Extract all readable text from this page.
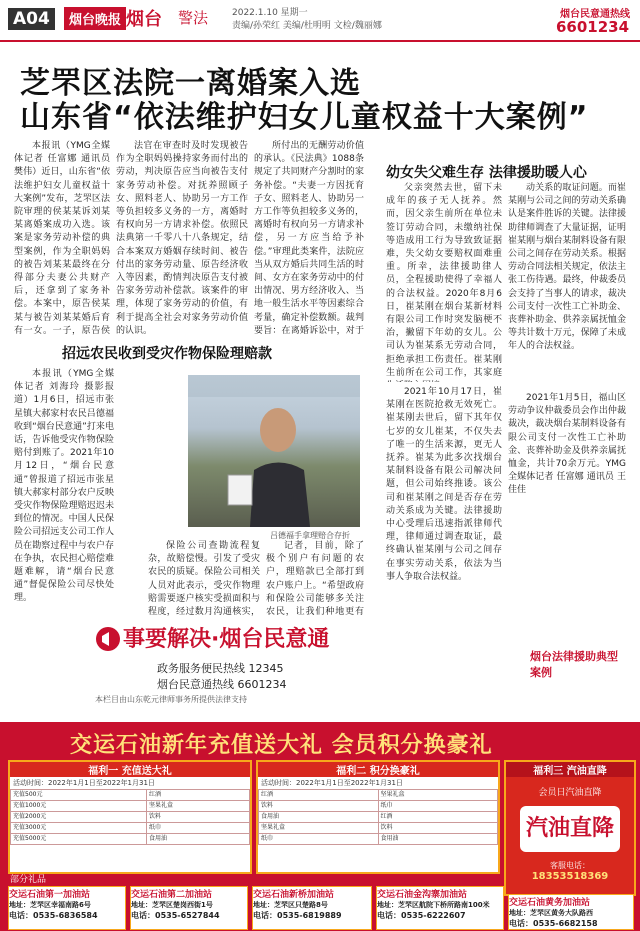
A04	烟台晚报 烟台 警法	2022.1.10 星期一
责编/孙荣红 美编/杜明明 文检/魏丽娜
烟台民意通热线
6601234
芝罘区法院一离婚案入选
山东省“依法维护妇女儿童权益十大案例”

本报讯（YMG全媒体记者 任富娜 通讯员 樊伟）近日，山东省“依法维护妇女儿童权益十大案例”发布，芝罘区法院审理的侯某某诉刘某某离婚案成功入选。该案是家务劳动补偿的典型案例，作为全职妈妈的被告刘某某最终在分得部分夫妻公共财产后，还拿到了家务补偿。本案中，原告侯某某与被告刘某某婚后育有一女。一子，原告侯

法官在审查时及时发现被告作为全职妈妈操持家务而付出的劳动，判决原告应当向被告支付家务劳动补偿。对抚养照顾子女、照料老人、协助另一方工作等负担较多义务的一方，离婚时有权向另一方请求补偿。依照民法典第一千零八十八条规定，结合本案双方婚姻存续时间、被告付出的家务劳动量、原告经济收入等因素，酌情判决原告支付被告家务劳动补偿款。该案件的审理，体现了家务劳动的价值，有利于提高全社会对家务劳动价值的认识。

所付出的无酬劳动价值的承认。《民法典》1088条规定了共同财产分割时的家务补偿。“夫妻一方因抚育子女、照料老人、协助另一方工作等负担较多义务的，离婚时有权向另一方请求补偿，另一方应当给予补偿。”审理此类案件，法院应当从双方婚后共同生活的时间、女方在家务劳动中的付出情况、男方经济收入、当地一般生活水平等因素综合考量，确定补偿数额。裁判要旨：在离婚诉讼中，对于

招远农民收到受灾作物保险理赔款

本报讯（YMG全媒体记者 刘海玲 摄影报道）1月6日，招远市张星镇大郝家村农民吕德福收到“烟台民意通”打来电话，告诉他受灾作物保险赔付到账了。2021年10月12日，“烟台民意通”曾报道了招远市张星镇大郝家村部分农户反映受灾作物保险理赔迟迟未到位的情况。中国人民保险公司招远支公司工作人员在勘察过程中与农户存在争执，农民担心赔偿难题难解，请“烟台民意通”督促保险公司尽快处理。

吕德福手拿理赔合存折

保险公司查勘流程复杂，故赔偿慢。引发了受灾农民的质疑。保险公司相关人员对此表示，受灾作物理赔需要逐户核实受损面积与程度，经过数月沟通核实，

记者，目前，除了极个别户有问题的农户，理赔款已全部打到农户账户上。“希望政府和保险公司能够多关注农民，让我们种地更有

事要解决·烟台民意通
政务服务便民热线 12345
烟台民意通热线 6601234
本栏目由山东乾元律师事务所提供法律支持
幼女失父难生存 法律援助暖人心

父亲突然去世，留下未成年的孩子无人抚养。然而，因父亲生前所在单位未签订劳动合同，未缴纳社保等造成用工行为导致致证据难，失父幼女要赔权面难重重。所幸，法律援助律人员，全程援助使得了幸福人的合法权益。2020年8月6日，崔某刚在烟台某新材料有限公司工作时突发脑梗不治，撇留下年幼的女儿。公司认为崔某系无劳动合同，拒绝承担工伤责任。崔某刚生前所在公司工作，其家庭

2021年10月17日，崔某刚在医院抢救无效死亡。崔某刚去世后，留下其年仅七岁的女儿崔某，不仅失去了唯一的生活来源，更无人抚养。崔某为此多次找烟台某制料设备有限公司解决问题，但公司始终推诿。该公司和崔某刚之间是否存在劳动关系成为关键。法律援助中心受理后迅速指派律师代理，律师通过调查取证，最终确认崔某刚与公司之间存在事实劳动关系，依法为当事人争取合法权益。

动关系的取证问题。而崔某刚与公司之间的劳动关系确认是案件胜诉的关键。法律援助律师调查了大量证据，证明崔某刚与烟台某制料设备有限公司之间存在劳动关系。根据劳动合同法相关规定，依法主张工伤待遇。最终，仲裁委员会支持了当事人的请求，裁决公司支付一次性工亡补助金、丧葬补助金、供养亲属抚恤金等共计数十万元，保障了未成年人的合法权益。

2021年1月5日，福山区劳动争议仲裁委员会作出仲裁裁决，裁决烟台某制料设备有限公司支付一次性工亡补助金、丧葬补助金及供养亲属抚恤金，共计70余万元。YMG全媒体记者 任富娜 通讯员 王佳佳

烟台法律援助典型案例
交运石油新年充值送大礼 会员积分换豪礼
福利一 充值送大礼
活动时间：2022年1月1日至2022年1月31日
充值500元	红酒
充值1000元	坚果礼盒
充值2000元	饮料
充值3000元	纸巾
充值5000元	食用油
福利二 积分换豪礼
活动时间：2022年1月1日至2022年1月31日
红酒	坚果礼盒
饮料	纸巾
食用油	红酒
坚果礼盒	饮料
纸巾	食用油
福利三 汽油直降
会员日汽油直降
汽油直降
客服电话：
18353518369
部分礼品
交运石油第一加油站
地址：芝罘区幸福南路6号
电话：0535-6836584
交运石油第二加油站
地址：芝罘区楚岗西街1号
电话：0535-6527844
交运石油新桥加油站
地址：芝罘区只楚路8号
电话：0535-6819889
交运石油金沟寨加油站
地址：芝罘区航院下桥所路南100米
电话：0535-6222607
交运石油黄务加油站
地址：芝罘区黄务大队路西
电话：0535-6682158
